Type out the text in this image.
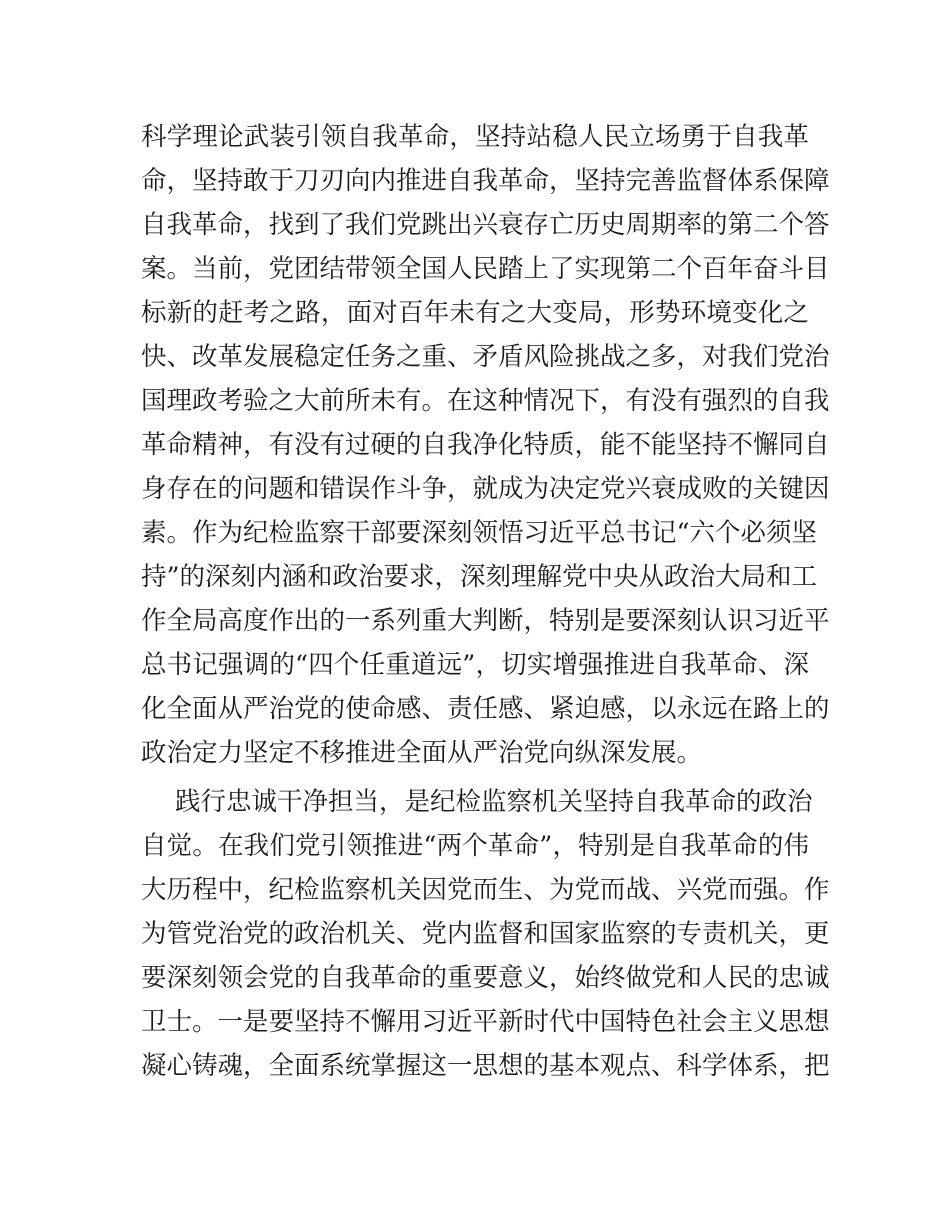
科学理论武装引领自我革命，坚持站稳人民立场勇于自我革
命，坚持敢于刀刃向内推进自我革命，坚持完善监督体系保障
自我革命，找到了我们党跳出兴衰存亡历史周期率的第二个答
案。当前，党团结带领全国人民踏上了实现第二个百年奋斗目
标新的赶考之路，面对百年未有之大变局，形势环境变化之
快、改革发展稳定任务之重、矛盾风险挑战之多，对我们党治
国理政考验之大前所未有。在这种情况下，有没有强烈的自我
革命精神，有没有过硬的自我净化特质，能不能坚持不懈同自
身存在的问题和错误作斗争，就成为决定党兴衰成败的关键因
素。作为纪检监察干部要深刻领悟习近平总书记“六个必须坚
持”的深刻内涵和政治要求，深刻理解党中央从政治大局和工
作全局高度作出的一系列重大判断，特别是要深刻认识习近平
总书记强调的“四个任重道远”，切实增强推进自我革命、深
化全面从严治党的使命感、责任感、紧迫感，以永远在路上的
政治定力坚定不移推进全面从严治党向纵深发展。
践行忠诚干净担当，是纪检监察机关坚持自我革命的政治
自觉。在我们党引领推进“两个革命”，特别是自我革命的伟
大历程中，纪检监察机关因党而生、为党而战、兴党而强。作
为管党治党的政治机关、党内监督和国家监察的专责机关，更
要深刻领会党的自我革命的重要意义，始终做党和人民的忠诚
卫士。一是要坚持不懈用习近平新时代中国特色社会主义思想
凝心铸魂，全面系统掌握这一思想的基本观点、科学体系，把
